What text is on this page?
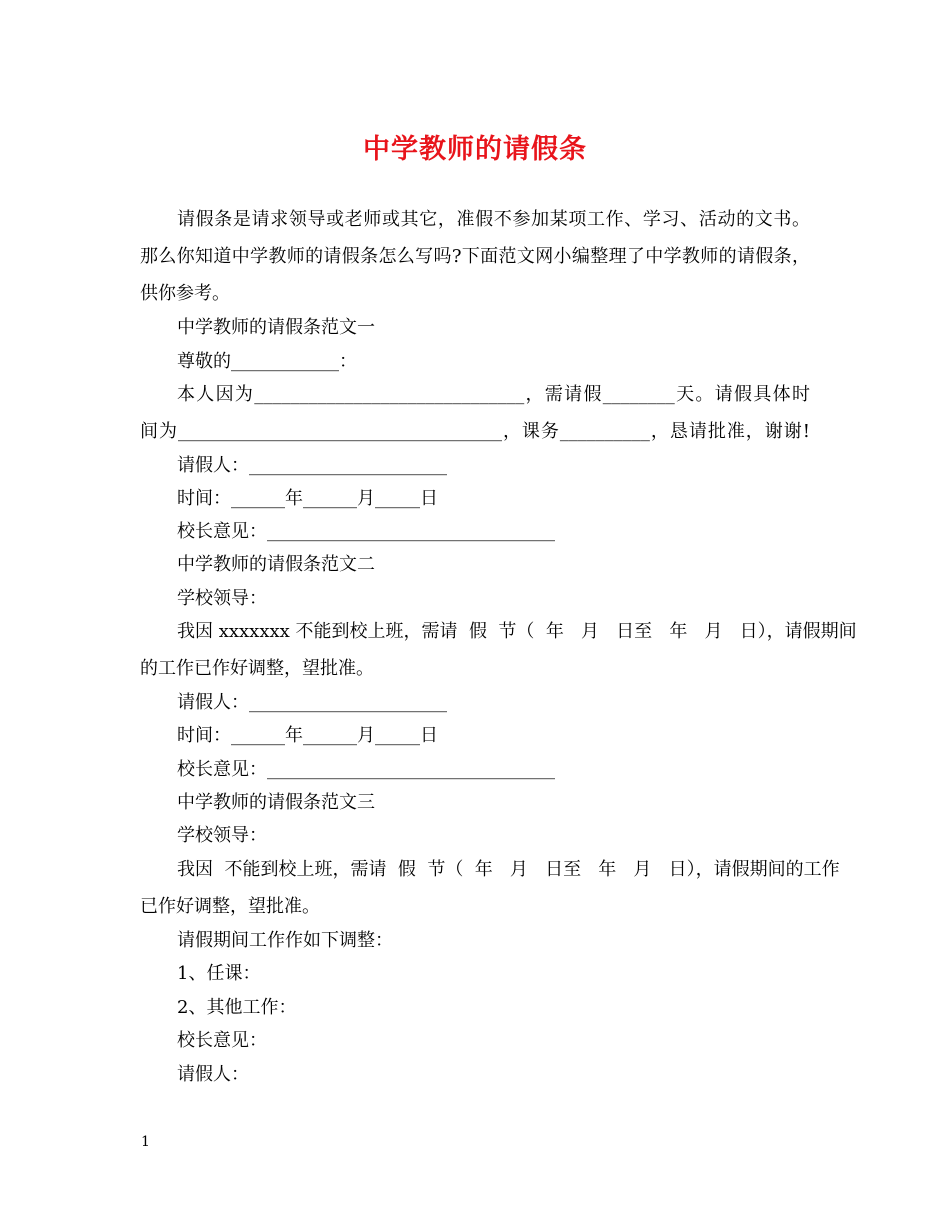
中学教师的请假条
请假条是请求领导或老师或其它，准假不参加某项工作、学习、活动的文书。
那么你知道中学教师的请假条怎么写吗?下面范文网小编整理了中学教师的请假条，
供你参考。
中学教师的请假条范文一
尊敬的____________：
本人因为______________________________，需请假________天。请假具体时
间为____________________________________，课务__________，恳请批准，谢谢!
请假人：______________________
时间：______年______月_____日
校长意见：________________________________
中学教师的请假条范文二
学校领导：
我因 xxxxxxx 不能到校上班，需请  假  节（  年   月   日至   年   月   日），请假期间
的工作已作好调整，望批准。
请假人：______________________
时间：______年______月_____日
校长意见：________________________________
中学教师的请假条范文三
学校领导：
我因  不能到校上班，需请  假  节（  年   月   日至   年   月   日），请假期间的工作
已作好调整，望批准。
请假期间工作作如下调整：
1、任课：
2、其他工作：
校长意见：
请假人：
1
